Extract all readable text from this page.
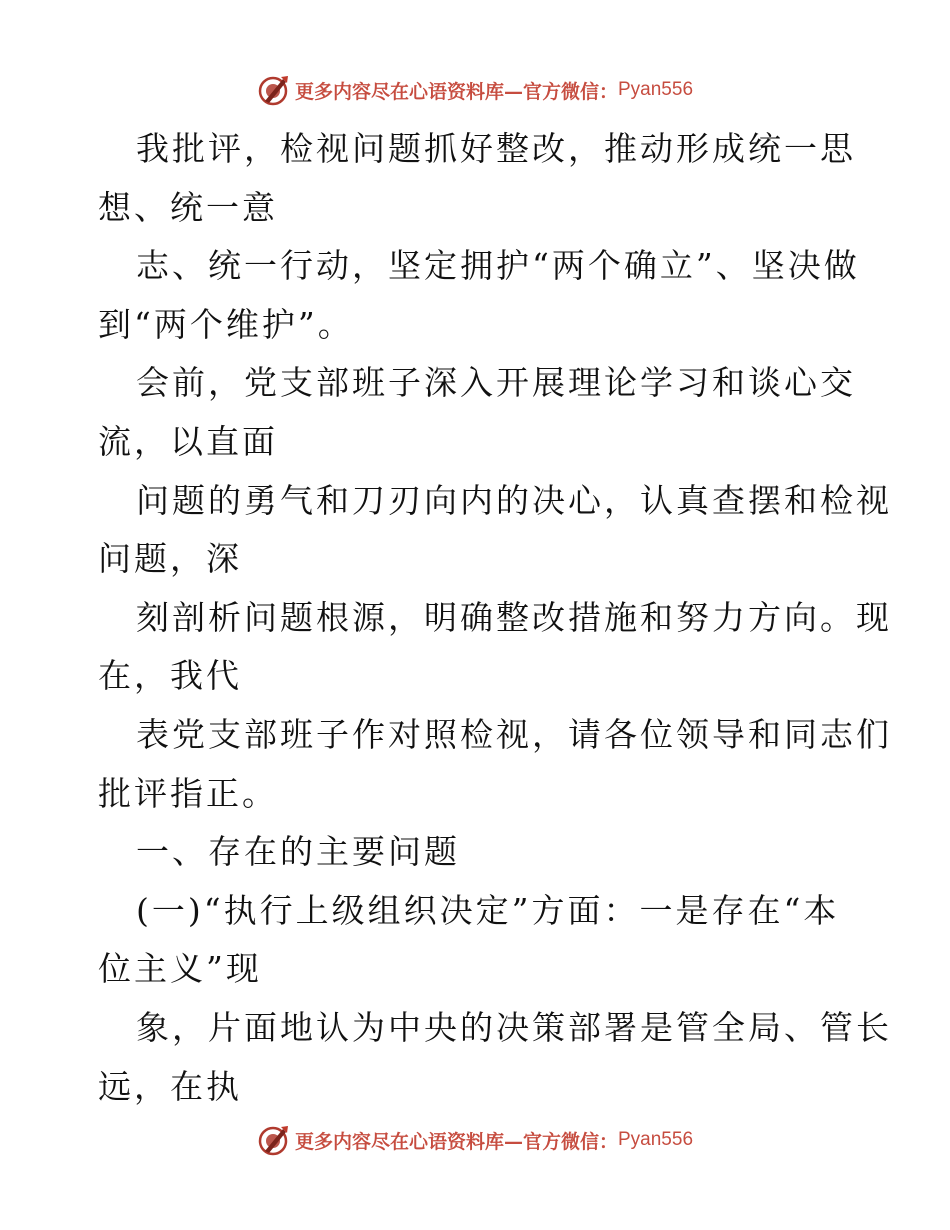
更多内容尽在心语资料库—官方微信： Pyan556
我批评，检视问题抓好整改，推动形成统一思
想、统一意
志、统一行动，坚定拥护“两个确立”、坚决做
到“两个维护”。
会前，党支部班子深入开展理论学习和谈心交
流，以直面
问题的勇气和刀刃向内的决心，认真查摆和检视
问题，深
刻剖析问题根源，明确整改措施和努力方向。现
在，我代
表党支部班子作对照检视，请各位领导和同志们
批评指正。
一、存在的主要问题
(一)“执行上级组织决定”方面：一是存在“本
位主义”现
象，片面地认为中央的决策部署是管全局、管长
远，在执
更多内容尽在心语资料库—官方微信： Pyan556
